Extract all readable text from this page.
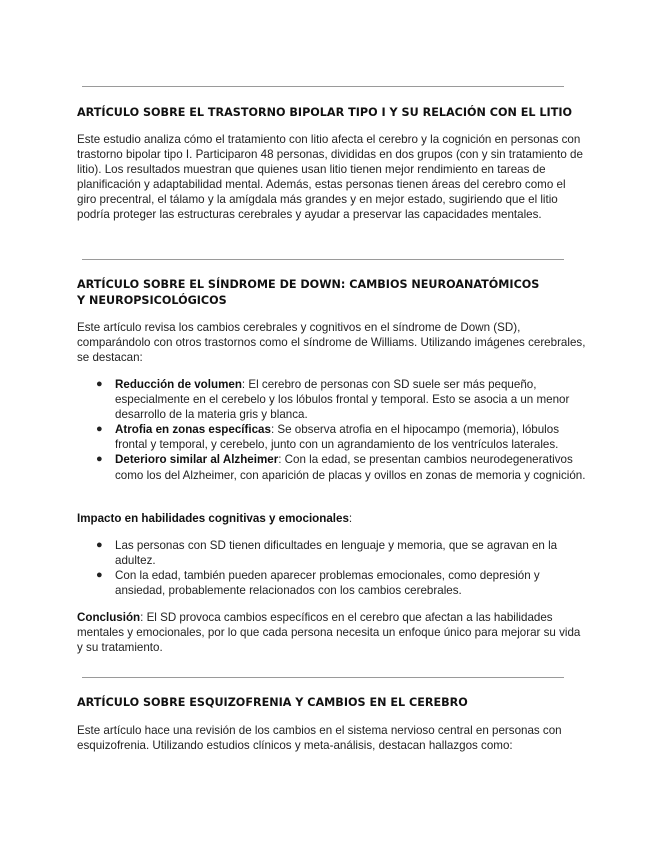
ARTÍCULO SOBRE EL TRASTORNO BIPOLAR TIPO I Y SU RELACIÓN CON EL LITIO

Este estudio analiza cómo el tratamiento con litio afecta el cerebro y la cognición en personas con trastorno bipolar tipo I. Participaron 48 personas, divididas en dos grupos (con y sin tratamiento de litio). Los resultados muestran que quienes usan litio tienen mejor rendimiento en tareas de planificación y adaptabilidad mental. Además, estas personas tienen áreas del cerebro como el giro precentral, el tálamo y la amígdala más grandes y en mejor estado, sugiriendo que el litio podría proteger las estructuras cerebrales y ayudar a preservar las capacidades mentales.

ARTÍCULO SOBRE EL SÍNDROME DE DOWN: CAMBIOS NEUROANATÓMICOS Y NEUROPSICOLÓGICOS

Este artículo revisa los cambios cerebrales y cognitivos en el síndrome de Down (SD), comparándolo con otros trastornos como el síndrome de Williams. Utilizando imágenes cerebrales, se destacan:

● Reducción de volumen: El cerebro de personas con SD suele ser más pequeño, especialmente en el cerebelo y los lóbulos frontal y temporal. Esto se asocia a un menor desarrollo de la materia gris y blanca.
● Atrofia en zonas específicas: Se observa atrofia en el hipocampo (memoria), lóbulos frontal y temporal, y cerebelo, junto con un agrandamiento de los ventrículos laterales.
● Deterioro similar al Alzheimer: Con la edad, se presentan cambios neurodegenerativos como los del Alzheimer, con aparición de placas y ovillos en zonas de memoria y cognición.

Impacto en habilidades cognitivas y emocionales:

● Las personas con SD tienen dificultades en lenguaje y memoria, que se agravan en la adultez.
● Con la edad, también pueden aparecer problemas emocionales, como depresión y ansiedad, probablemente relacionados con los cambios cerebrales.

Conclusión: El SD provoca cambios específicos en el cerebro que afectan a las habilidades mentales y emocionales, por lo que cada persona necesita un enfoque único para mejorar su vida y su tratamiento.

ARTÍCULO SOBRE ESQUIZOFRENIA Y CAMBIOS EN EL CEREBRO

Este artículo hace una revisión de los cambios en el sistema nervioso central en personas con esquizofrenia. Utilizando estudios clínicos y meta-análisis, destacan hallazgos como:
